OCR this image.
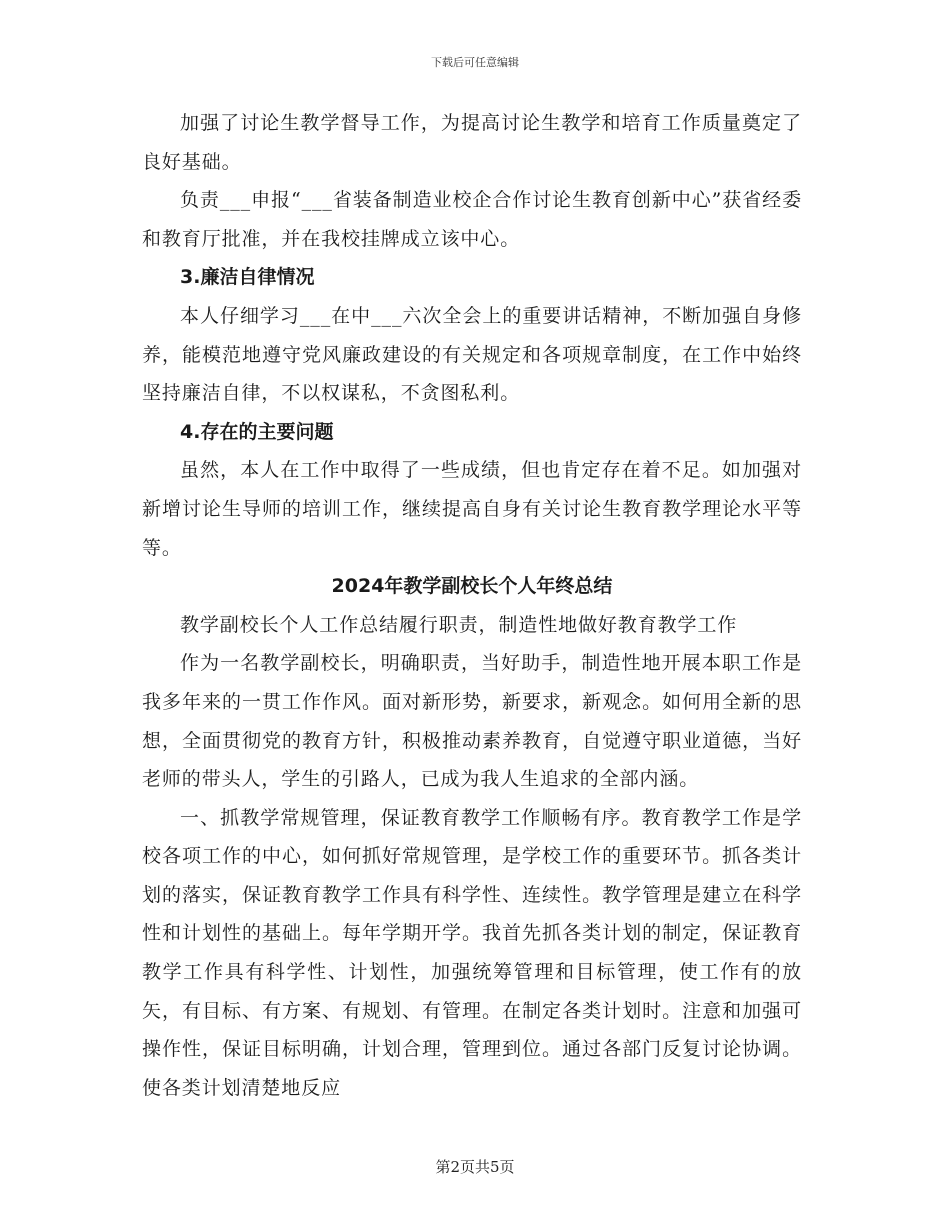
下载后可任意编辑

加强了讨论生教学督导工作，为提高讨论生教学和培育工作质量奠定了良好基础。

负责___申报“___省装备制造业校企合作讨论生教育创新中心”获省经委和教育厅批准，并在我校挂牌成立该中心。

3.廉洁自律情况

本人仔细学习___在中___六次全会上的重要讲话精神，不断加强自身修养，能模范地遵守党风廉政建设的有关规定和各项规章制度，在工作中始终坚持廉洁自律，不以权谋私，不贪图私利。

4.存在的主要问题

虽然，本人在工作中取得了一些成绩，但也肯定存在着不足。如加强对新增讨论生导师的培训工作，继续提高自身有关讨论生教育教学理论水平等等。

2024年教学副校长个人年终总结

教学副校长个人工作总结履行职责，制造性地做好教育教学工作

作为一名教学副校长，明确职责，当好助手，制造性地开展本职工作是我多年来的一贯工作作风。面对新形势，新要求，新观念。如何用全新的思想，全面贯彻党的教育方针，积极推动素养教育，自觉遵守职业道德，当好老师的带头人，学生的引路人，已成为我人生追求的全部内涵。

一、抓教学常规管理，保证教育教学工作顺畅有序。教育教学工作是学校各项工作的中心，如何抓好常规管理，是学校工作的重要环节。抓各类计划的落实，保证教育教学工作具有科学性、连续性。教学管理是建立在科学性和计划性的基础上。每年学期开学。我首先抓各类计划的制定，保证教育教学工作具有科学性、计划性，加强统筹管理和目标管理，使工作有的放矢，有目标、有方案、有规划、有管理。在制定各类计划时。注意和加强可操作性，保证目标明确，计划合理，管理到位。通过各部门反复讨论协调。使各类计划清楚地反应

第2页共5页
